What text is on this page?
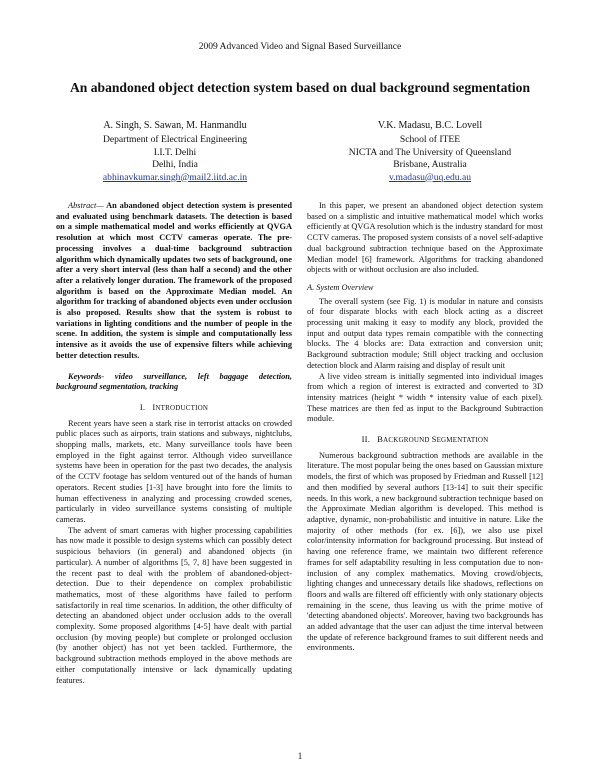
2009 Advanced Video and Signal Based Surveillance
An abandoned object detection system based on dual background segmentation
A. Singh, S. Sawan, M. Hanmandlu
Department of Electrical Engineering
I.I.T. Delhi
Delhi, India
abhinavkumar.singh@mail2.iitd.ac.in
V.K. Madasu, B.C. Lovell
School of ITEE
NICTA and The University of Queensland
Brisbane, Australia
v.madasu@uq.edu.au

Abstract— An abandoned object detection system is presented and evaluated using benchmark datasets. The detection is based on a simple mathematical model and works efficiently at QVGA resolution at which most CCTV cameras operate. The pre-processing involves a dual-time background subtraction algorithm which dynamically updates two sets of background, one after a very short interval (less than half a second) and the other after a relatively longer duration. The framework of the proposed algorithm is based on the Approximate Median model. An algorithm for tracking of abandoned objects even under occlusion is also proposed. Results show that the system is robust to variations in lighting conditions and the number of people in the scene. In addition, the system is simple and computationally less intensive as it avoids the use of expensive filters while achieving better detection results.

Keywords- video surveillance, left baggage detection, background segmentation, tracking

I. INTRODUCTION

Recent years have seen a stark rise in terrorist attacks on crowded public places such as airports, train stations and subways, nightclubs, shopping malls, markets, etc. Many surveillance tools have been employed in the fight against terror. Although video surveillance systems have been in operation for the past two decades, the analysis of the CCTV footage has seldom ventured out of the hands of human operators. Recent studies [1-3] have brought into fore the limits to human effectiveness in analyzing and processing crowded scenes, particularly in video surveillance systems consisting of multiple cameras.

The advent of smart cameras with higher processing capabilities has now made it possible to design systems which can possibly detect suspicious behaviors (in general) and abandoned objects (in particular). A number of algorithms [5, 7, 8] have been suggested in the recent past to deal with the problem of abandoned-object-detection. Due to their dependence on complex probabilistic mathematics, most of these algorithms have failed to perform satisfactorily in real time scenarios. In addition, the other difficulty of detecting an abandoned object under occlusion adds to the overall complexity. Some proposed algorithms [4-5] have dealt with partial occlusion (by moving people) but complete or prolonged occlusion (by another object) has not yet been tackled. Furthermore, the background subtraction methods employed in the above methods are either computationally intensive or lack dynamically updating features.

In this paper, we present an abandoned object detection system based on a simplistic and intuitive mathematical model which works efficiently at QVGA resolution which is the industry standard for most CCTV cameras. The proposed system consists of a novel self-adaptive dual background subtraction technique based on the Approximate Median model [6] framework. Algorithms for tracking abandoned objects with or without occlusion are also included.

A. System Overview

The overall system (see Fig. 1) is modular in nature and consists of four disparate blocks with each block acting as a discreet processing unit making it easy to modify any block, provided the input and output data types remain compatible with the connecting blocks. The 4 blocks are: Data extraction and conversion unit; Background subtraction module; Still object tracking and occlusion detection block and Alarm raising and display of result unit

A live video stream is initially segmented into individual images from which a region of interest is extracted and converted to 3D intensity matrices (height * width * intensity value of each pixel). These matrices are then fed as input to the Background Subtraction module.

II. BACKGROUND SEGMENTATION

Numerous background subtraction methods are available in the literature. The most popular being the ones based on Gaussian mixture models, the first of which was proposed by Friedman and Russell [12] and then modified by several authors [13-14] to suit their specific needs. In this work, a new background subtraction technique based on the Approximate Median algorithm is developed. This method is adaptive, dynamic, non-probabilistic and intuitive in nature. Like the majority of other methods (for ex. [6]), we also use pixel color/intensity information for background processing. But instead of having one reference frame, we maintain two different reference frames for self adaptability resulting in less computation due to non-inclusion of any complex mathematics. Moving crowd/objects, lighting changes and unnecessary details like shadows, reflections on floors and walls are filtered off efficiently with only stationary objects remaining in the scene, thus leaving us with the prime motive of 'detecting abandoned objects'. Moreover, having two backgrounds has an added advantage that the user can adjust the time interval between the update of reference background frames to suit different needs and environments.

1
